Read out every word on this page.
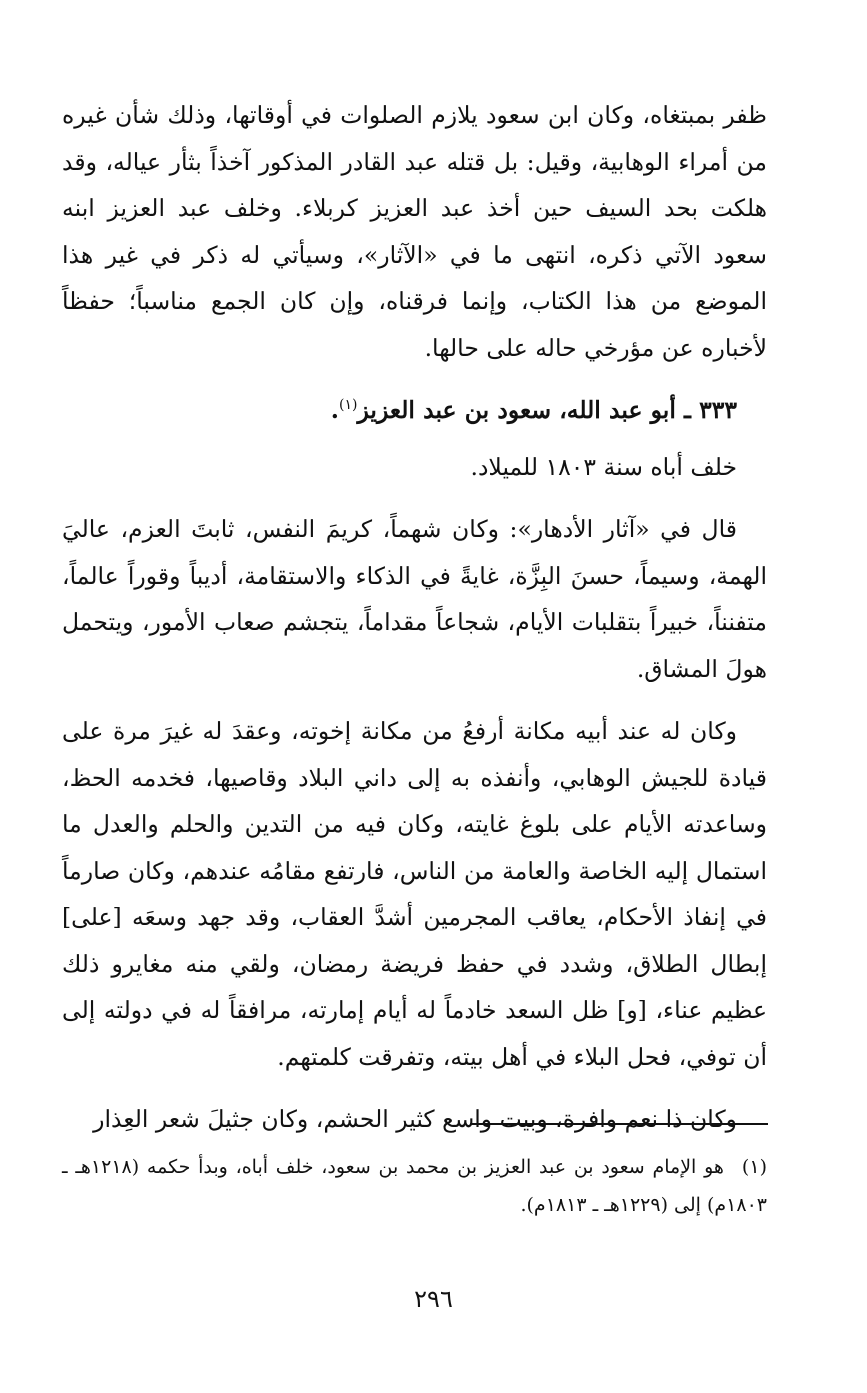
ظفر بمبتغاه، وكان ابن سعود يلازم الصلوات في أوقاتها، وذلك شأن غيره من أمراء الوهابية، وقيل: بل قتله عبد القادر المذكور آخذاً بثأر عياله، وقد هلكت بحد السيف حين أخذ عبد العزيز كربلاء. وخلف عبد العزيز ابنه سعود الآتي ذكره، انتهى ما في «الآثار»، وسيأتي له ذكر في غير هذا الموضع من هذا الكتاب، وإنما فرقناه، وإن كان الجمع مناسباً؛ حفظاً لأخباره عن مؤرخي حاله على حالها.

٣٣٣ ـ أبو عبد الله، سعود بن عبد العزيز$^{(١)}$.

خلف أباه سنة ١٨٠٣ للميلاد.

قال في «آثار الأدهار»: وكان شهماً، كريمَ النفس، ثابتَ العزم، عاليَ الهمة، وسيماً، حسنَ البِزَّة، غايةً في الذكاء والاستقامة، أديباً وقوراً عالماً، متفنناً، خبيراً بتقلبات الأيام، شجاعاً مقداماً، يتجشم صعاب الأمور، ويتحمل هولَ المشاق.

وكان له عند أبيه مكانة أرفعُ من مكانة إخوته، وعقدَ له غيرَ مرة على قيادة للجيش الوهابي، وأنفذه به إلى داني البلاد وقاصيها، فخدمه الحظ، وساعدته الأيام على بلوغ غايته، وكان فيه من التدين والحلم والعدل ما استمال إليه الخاصة والعامة من الناس، فارتفع مقامُه عندهم، وكان صارماً في إنفاذ الأحكام، يعاقب المجرمين أشدَّ العقاب، وقد جهد وسعَه [على] إبطال الطلاق، وشدد في حفظ فريضة رمضان، ولقي منه مغايرو ذلك عظيم عناء، [و] ظل السعد خادماً له أيام إمارته، مرافقاً له في دولته إلى أن توفي، فحل البلاء في أهل بيته، وتفرقت كلمتهم.

وكان ذا نعم وافرة، وبيت واسع كثير الحشم، وكان جثيلَ شعر العِذار

(١)هو الإمام سعود بن عبد العزيز بن محمد بن سعود، خلف أباه، وبدأ حكمه (١٢١٨هـ ـ ١٨٠٣م) إلى (١٢٢٩هـ ـ ١٨١٣م).
٢٩٦
